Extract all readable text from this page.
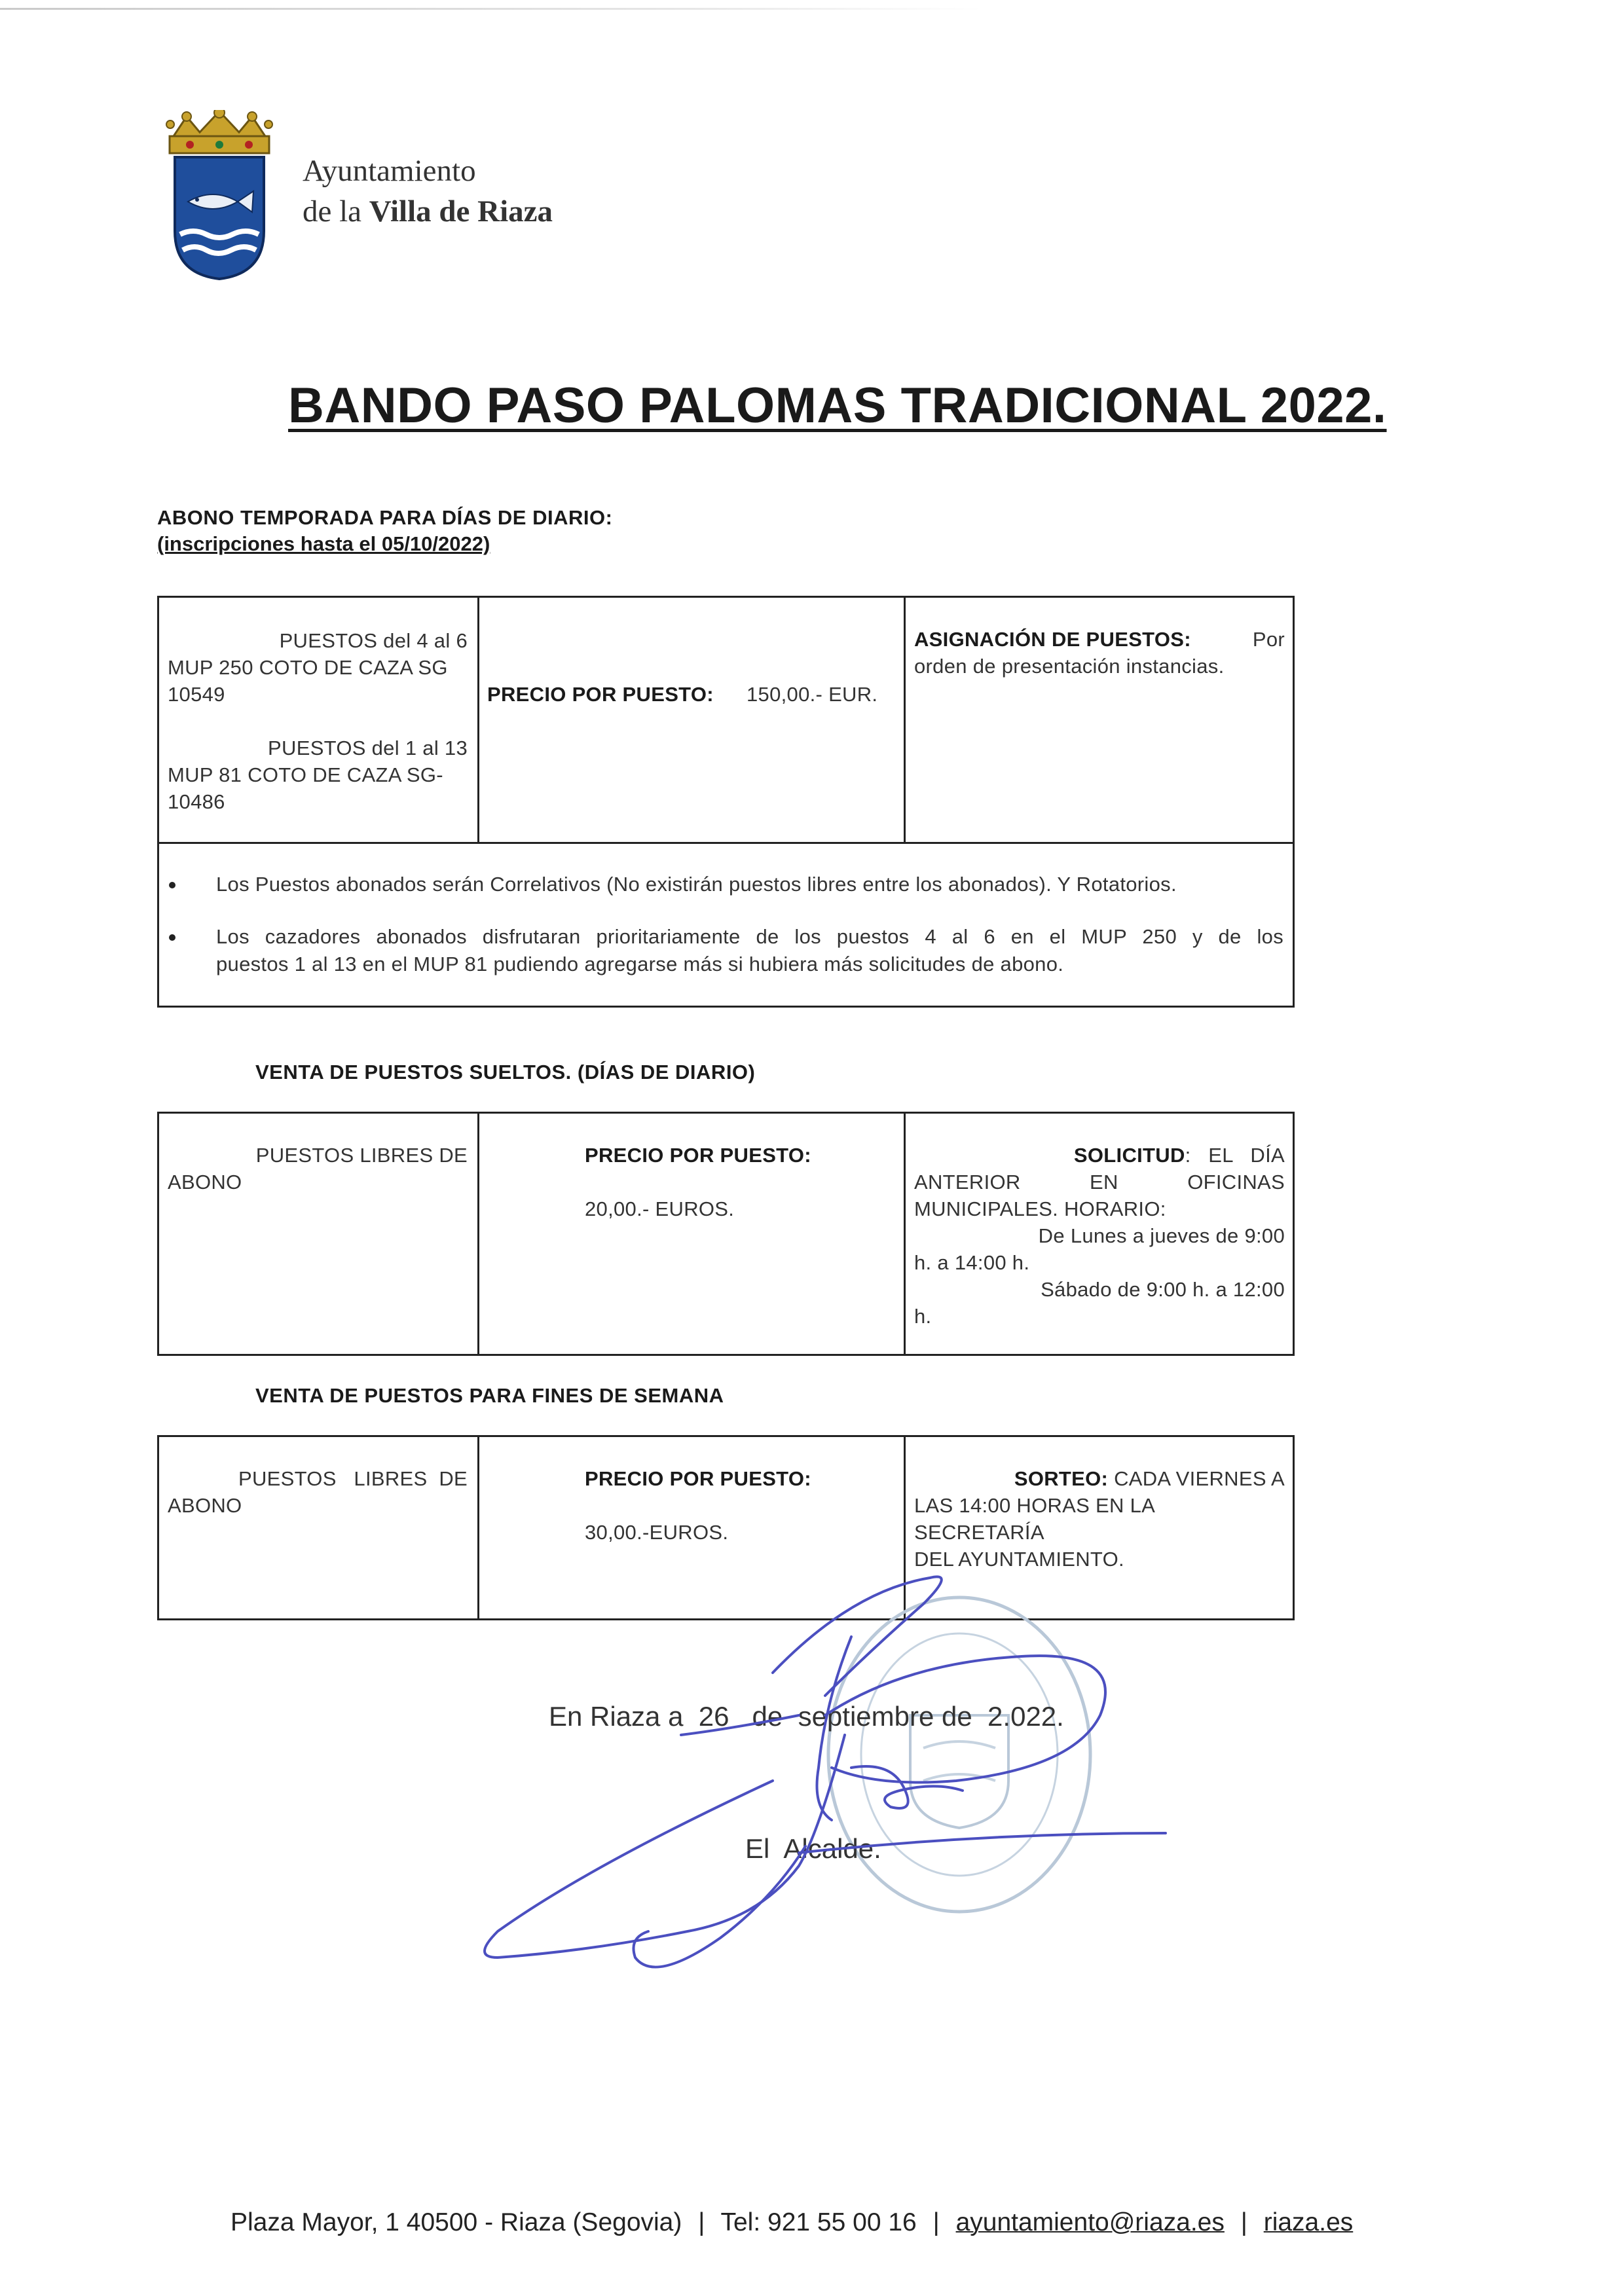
Ayuntamiento
de la Villa de Riaza
BANDO PASO PALOMAS TRADICIONAL 2022.
ABONO TEMPORADA PARA DÍAS DE DIARIO:
(inscripciones hasta el 05/10/2022)
PUESTOS del 4 al 6
MUP 250 COTO DE CAZA SG
10549
PUESTOS del 1 al 13
MUP 81 COTO DE CAZA SG-
10486
PRECIO POR PUESTO: 150,00.- EUR.
ASIGNACIÓN DE PUESTOS:	Por
orden de presentación instancias.
Los Puestos abonados serán Correlativos (No existirán puestos libres entre los abonados). Y Rotatorios.
Los cazadores abonados disfrutaran prioritariamente de los puestos 4 al 6 en el MUP 250 y de los
puestos 1 al 13 en el MUP 81 pudiendo agregarse más si hubiera más solicitudes de abono.
VENTA DE PUESTOS SUELTOS. (DÍAS DE DIARIO)
PUESTOS LIBRES DE
ABONO
PRECIO POR PUESTO:
20,00.- EUROS.
SOLICITUD:   EL   DÍA
ANTERIOR      EN      OFICINAS
MUNICIPALES. HORARIO:
De Lunes a jueves de 9:00
h. a 14:00 h.
Sábado de 9:00 h. a 12:00
h.
VENTA DE PUESTOS PARA FINES DE SEMANA
PUESTOS   LIBRES  DE
ABONO
PRECIO POR PUESTO:
30,00.-EUROS.
SORTEO: CADA VIERNES A
LAS 14:00 HORAS EN LA SECRETARÍA
DEL AYUNTAMIENTO.
En Riaza a  26   de  septiembre de  2.022.
El  Alcalde.
Plaza Mayor, 1 40500 - Riaza (Segovia) | Tel: 921 55 00 16 | ayuntamiento@riaza.es | riaza.es
